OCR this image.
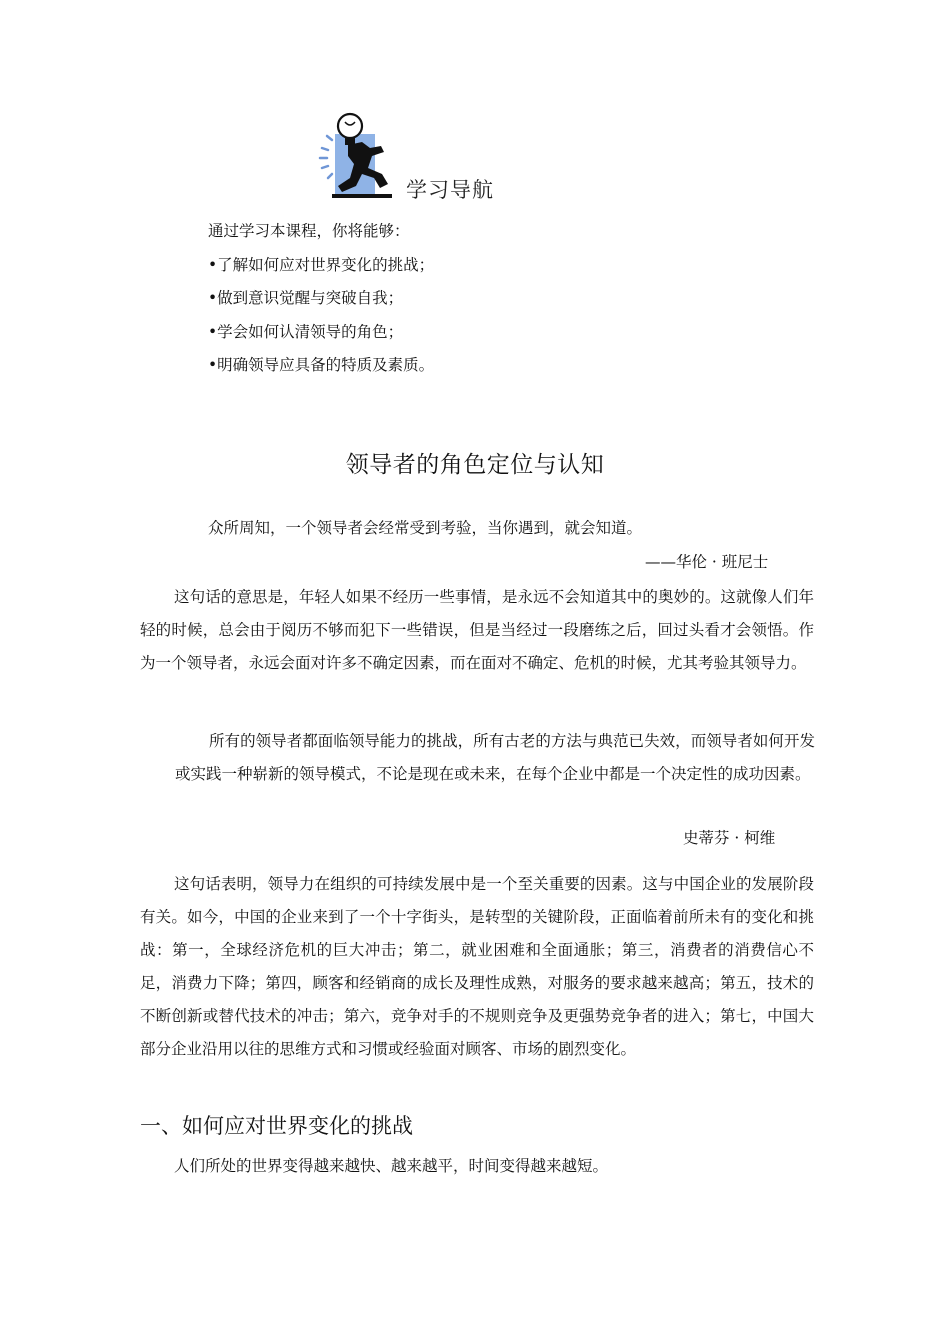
学习导航
通过学习本课程，你将能够：
•了解如何应对世界变化的挑战；
•做到意识觉醒与突破自我；
•学会如何认清领导的角色；
•明确领导应具备的特质及素质。
领导者的角色定位与认知
众所周知，一个领导者会经常受到考验，当你遇到，就会知道。
——华伦 · 班尼士
这句话的意思是，年轻人如果不经历一些事情，是永远不会知道其中的奥妙的。这就像人们年轻的时候，总会由于阅历不够而犯下一些错误，但是当经过一段磨练之后，回过头看才会领悟。作为一个领导者，永远会面对许多不确定因素，而在面对不确定、危机的时候，尤其考验其领导力。
所有的领导者都面临领导能力的挑战，所有古老的方法与典范已失效，而领导者如何开发或实践一种崭新的领导模式，不论是现在或未来，在每个企业中都是一个决定性的成功因素。
史蒂芬 · 柯维
这句话表明，领导力在组织的可持续发展中是一个至关重要的因素。这与中国企业的发展阶段有关。如今，中国的企业来到了一个十字街头，是转型的关键阶段，正面临着前所未有的变化和挑战：第一，全球经济危机的巨大冲击；第二，就业困难和全面通胀；第三，消费者的消费信心不足，消费力下降；第四，顾客和经销商的成长及理性成熟，对服务的要求越来越高；第五，技术的不断创新或替代技术的冲击；第六，竞争对手的不规则竞争及更强势竞争者的进入；第七，中国大部分企业沿用以往的思维方式和习惯或经验面对顾客、市场的剧烈变化。
一、如何应对世界变化的挑战
人们所处的世界变得越来越快、越来越平，时间变得越来越短。
